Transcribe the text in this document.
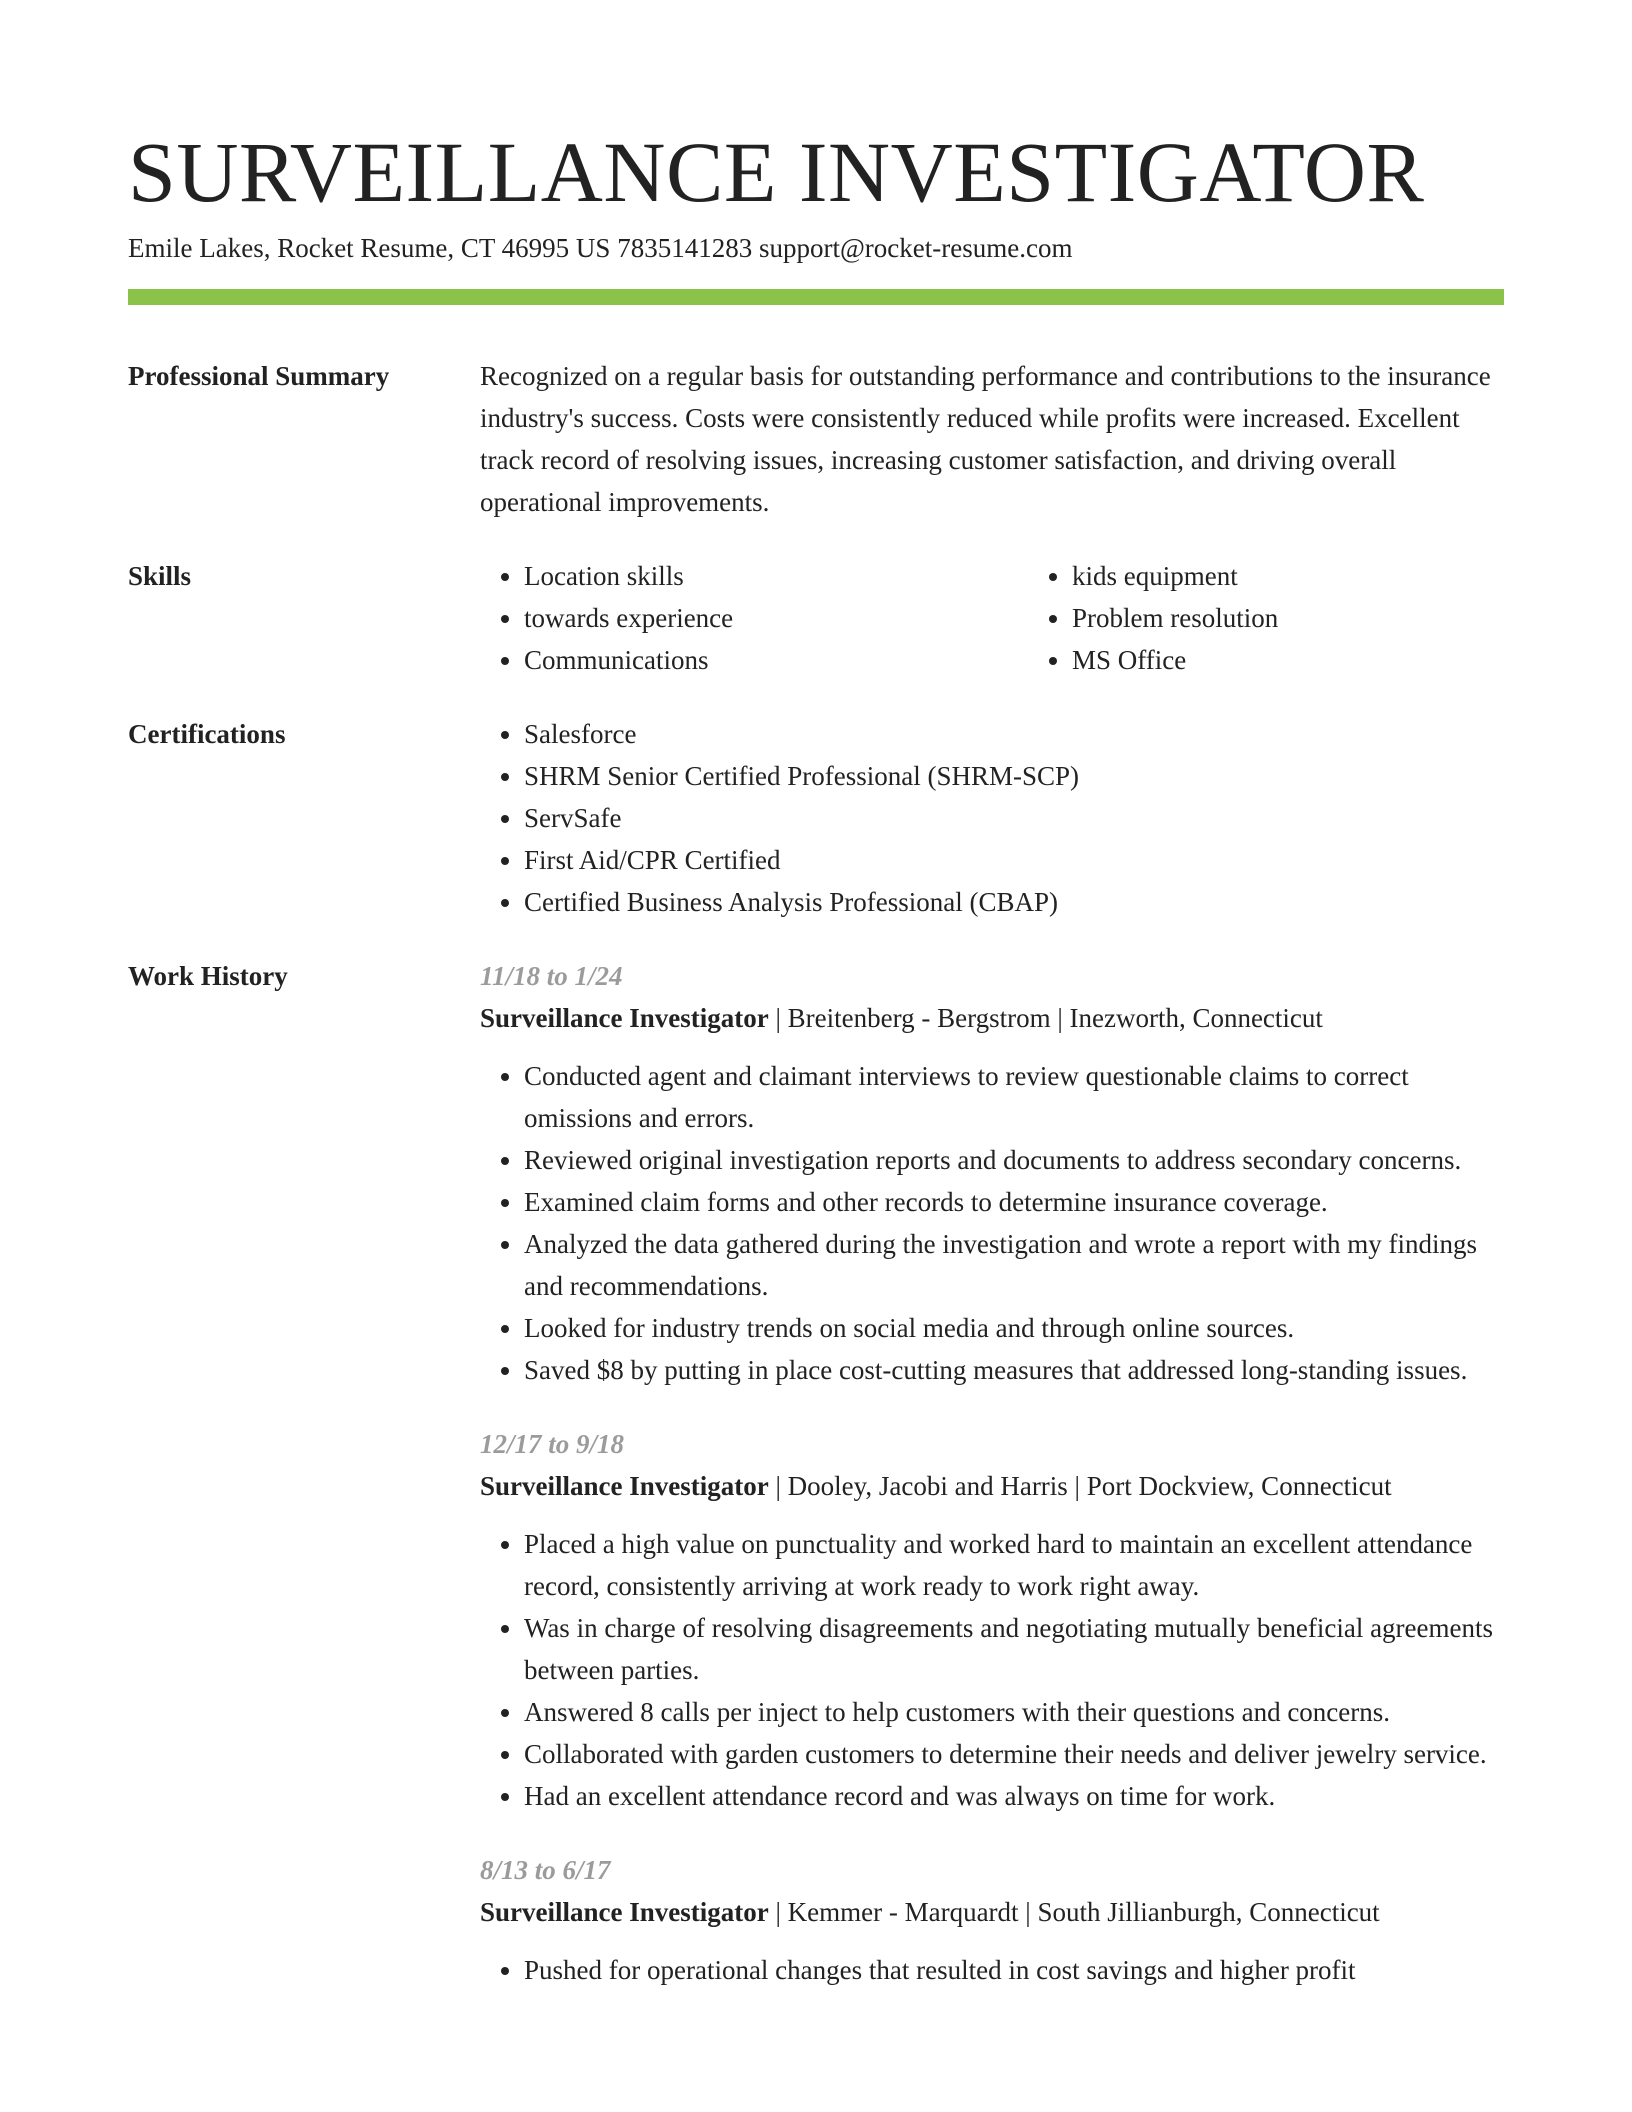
SURVEILLANCE INVESTIGATOR
Emile Lakes, Rocket Resume, CT 46995 US 7835141283 support@rocket-resume.com
Professional Summary	Recognized on a regular basis for outstanding performance and contributions to the insurance industry's success. Costs were consistently reduced while profits were increased. Excellent track record of resolving issues, increasing customer satisfaction, and driving overall operational improvements.

Skills	• Location skills
• towards experience
• Communications
• kids equipment
• Problem resolution
• MS Office
Certifications	• Salesforce
• SHRM Senior Certified Professional (SHRM-SCP)
• ServSafe
• First Aid/CPR Certified
• Certified Business Analysis Professional (CBAP)
Work History	11/18 to 1/24
Surveillance Investigator | Breitenberg - Bergstrom | Inezworth, Connecticut
• Conducted agent and claimant interviews to review questionable claims to correct omissions and errors.
• Reviewed original investigation reports and documents to address secondary concerns.
• Examined claim forms and other records to determine insurance coverage.
• Analyzed the data gathered during the investigation and wrote a report with my findings and recommendations.
• Looked for industry trends on social media and through online sources.
• Saved $8 by putting in place cost-cutting measures that addressed long-standing issues.
12/17 to 9/18
Surveillance Investigator | Dooley, Jacobi and Harris | Port Dockview, Connecticut
• Placed a high value on punctuality and worked hard to maintain an excellent attendance record, consistently arriving at work ready to work right away.
• Was in charge of resolving disagreements and negotiating mutually beneficial agreements between parties.
• Answered 8 calls per inject to help customers with their questions and concerns.
• Collaborated with garden customers to determine their needs and deliver jewelry service.
• Had an excellent attendance record and was always on time for work.
8/13 to 6/17
Surveillance Investigator | Kemmer - Marquardt | South Jillianburgh, Connecticut
• Pushed for operational changes that resulted in cost savings and higher profit
